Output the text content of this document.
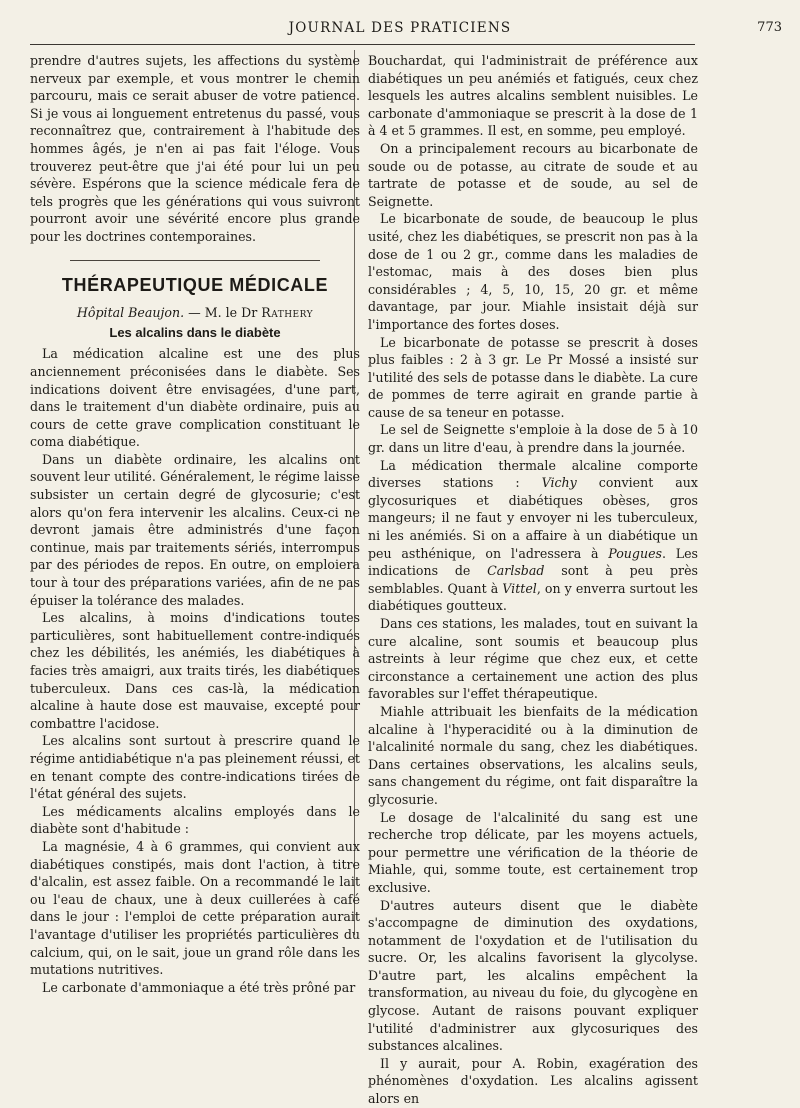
JOURNAL DES PRATICIENS	773

prendre d'autres sujets, les affections du système nerveux par exemple, et vous montrer le chemin parcouru, mais ce serait abuser de votre patience. Si je vous ai longuement entretenus du passé, vous reconnaîtrez que, contrairement à l'habitude des hommes âgés, je n'en ai pas fait l'éloge. Vous trouverez peut-être que j'ai été pour lui un peu sévère. Espérons que la science médicale fera de tels progrès que les générations qui vous suivront pourront avoir une sévérité encore plus grande pour les doctrines contemporaines.

THÉRAPEUTIQUE MÉDICALE
Hôpital Beaujon. — M. le Dr Rathery
Les alcalins dans le diabète

La médication alcaline est une des plus anciennement préconisées dans le diabète. Ses indications doivent être envisagées, d'une part, dans le traitement d'un diabète ordinaire, puis au cours de cette grave complication constituant le coma diabétique.

Dans un diabète ordinaire, les alcalins ont souvent leur utilité. Généralement, le régime laisse subsister un certain degré de glycosurie; c'est alors qu'on fera intervenir les alcalins. Ceux-ci ne devront jamais être administrés d'une façon continue, mais par traitements sériés, interrompus par des périodes de repos. En outre, on emploiera tour à tour des préparations variées, afin de ne pas épuiser la tolérance des malades.

Les alcalins, à moins d'indications toutes particulières, sont habituellement contre-indiqués chez les débilités, les anémiés, les diabétiques à facies très amaigri, aux traits tirés, les diabétiques tuberculeux. Dans ces cas-là, la médication alcaline à haute dose est mauvaise, excepté pour combattre l'acidose.

Les alcalins sont surtout à prescrire quand le régime antidiabétique n'a pas pleinement réussi, et en tenant compte des contre-indications tirées de l'état général des sujets.

Les médicaments alcalins employés dans le diabète sont d'habitude :

La magnésie, 4 à 6 grammes, qui convient aux diabétiques constipés, mais dont l'action, à titre d'alcalin, est assez faible. On a recommandé le lait ou l'eau de chaux, une à deux cuillerées à café dans le jour : l'emploi de cette préparation aurait l'avantage d'utiliser les propriétés particulières du calcium, qui, on le sait, joue un grand rôle dans les mutations nutritives.

Le carbonate d'ammoniaque a été très prôné par

Bouchardat, qui l'administrait de préférence aux diabétiques un peu anémiés et fatigués, ceux chez lesquels les autres alcalins semblent nuisibles. Le carbonate d'ammoniaque se prescrit à la dose de 1 à 4 et 5 grammes. Il est, en somme, peu employé.

On a principalement recours au bicarbonate de soude ou de potasse, au citrate de soude et au tartrate de potasse et de soude, au sel de Seignette.

Le bicarbonate de soude, de beaucoup le plus usité, chez les diabétiques, se prescrit non pas à la dose de 1 ou 2 gr., comme dans les maladies de l'estomac, mais à des doses bien plus considérables ; 4, 5, 10, 15, 20 gr. et même davantage, par jour. Miahle insistait déjà sur l'importance des fortes doses.

Le bicarbonate de potasse se prescrit à doses plus faibles : 2 à 3 gr. Le Pr Mossé a insisté sur l'utilité des sels de potasse dans le diabète. La cure de pommes de terre agirait en grande partie à cause de sa teneur en potasse.

Le sel de Seignette s'emploie à la dose de 5 à 10 gr. dans un litre d'eau, à prendre dans la journée.

La médication thermale alcaline comporte diverses stations : Vichy convient aux glycosuriques et diabétiques obèses, gros mangeurs; il ne faut y envoyer ni les tuberculeux, ni les anémiés. Si on a affaire à un diabétique un peu asthénique, on l'adressera à Pougues. Les indications de Carlsbad sont à peu près semblables. Quant à Vittel, on y enverra surtout les diabétiques goutteux.

Dans ces stations, les malades, tout en suivant la cure alcaline, sont soumis et beaucoup plus astreints à leur régime que chez eux, et cette circonstance a certainement une action des plus favorables sur l'effet thérapeutique.

Miahle attribuait les bienfaits de la médication alcaline à l'hyperacidité ou à la diminution de l'alcalinité normale du sang, chez les diabétiques. Dans certaines observations, les alcalins seuls, sans changement du régime, ont fait disparaître la glycosurie.

Le dosage de l'alcalinité du sang est une recherche trop délicate, par les moyens actuels, pour permettre une vérification de la théorie de Miahle, qui, somme toute, est certainement trop exclusive.

D'autres auteurs disent que le diabète s'accompagne de diminution des oxydations, notamment de l'oxydation et de l'utilisation du sucre. Or, les alcalins favorisent la glycolyse. D'autre part, les alcalins empêchent la transformation, au niveau du foie, du glycogène en glycose. Autant de raisons pouvant expliquer l'utilité d'administrer aux glycosuriques des substances alcalines.

Il y aurait, pour A. Robin, exagération des phénomènes d'oxydation. Les alcalins agissent alors en
